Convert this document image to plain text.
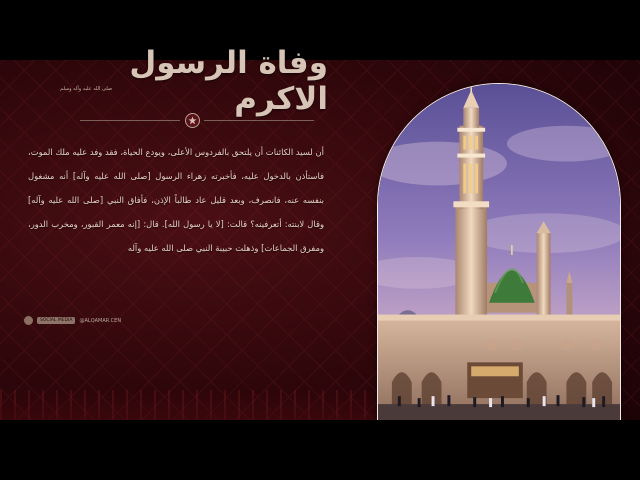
وفاة الرسول الاكرم
صلى الله عليه وآله وسلم
أن لسيد الكائنات أن يلتحق بالفردوس الأعلى، ويودع الحياة، فقد وفد عليه ملك الموت، فاستأذن بالدخول عليه، فأخبرته زهراء الرسول [صلى الله عليه وآله] أنه مشغول بنفسه عنه، فانصرف، وبعد قليل عاد طالباً الإذن، فأفاق النبي [صلى الله عليه وآله] وقال لابنته: أتعرفينه؟ قالت: [لا يا رسول الله]. قال: [إنه معمر القبور، ومخرب الدور، ومفرق الجماعات] وذهلت حبيبة النبي صلى الله عليه وآله
SOCIAL MEDIA	@ALQAMAR.CEN
